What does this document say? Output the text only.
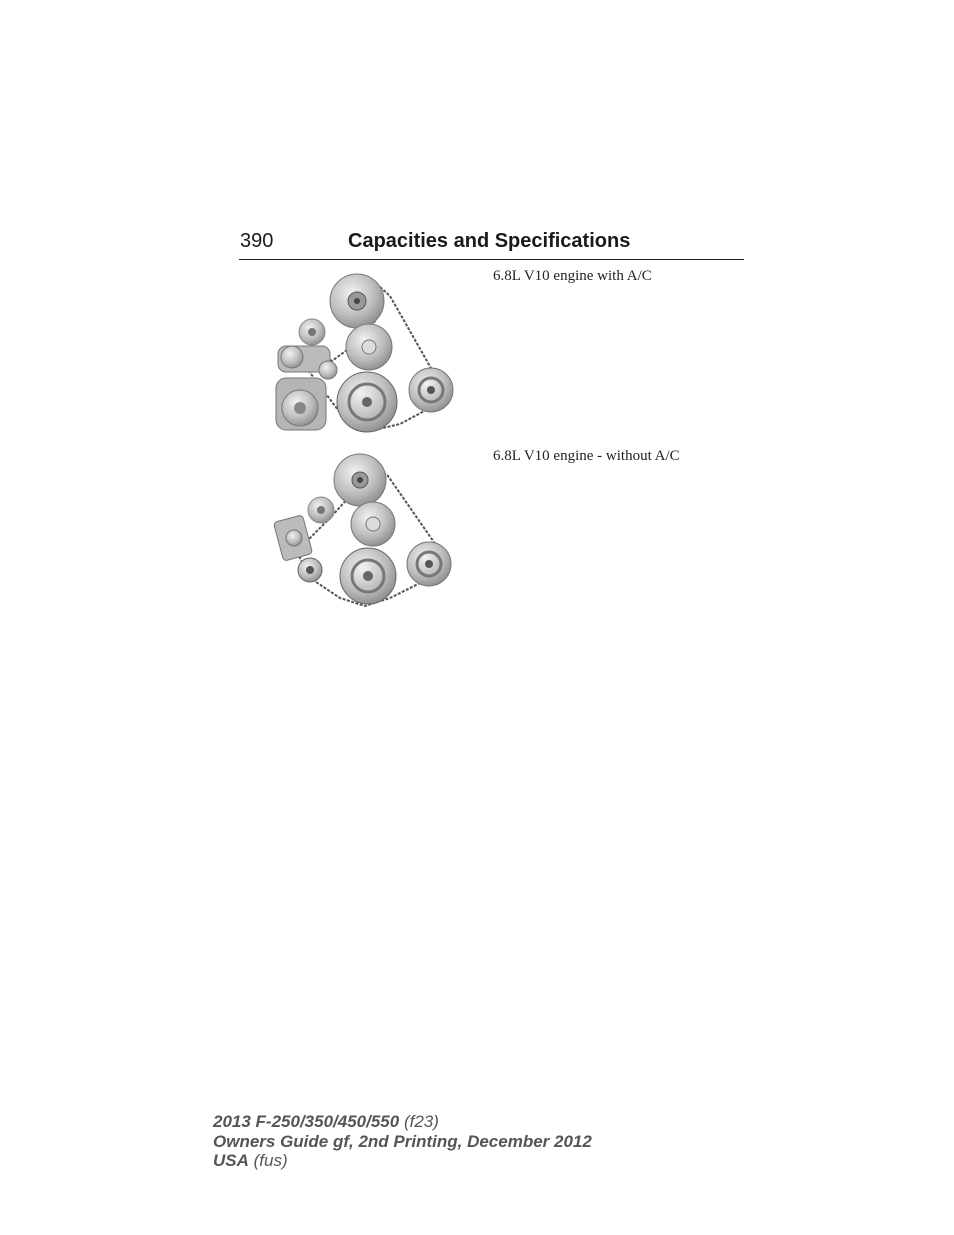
390	Capacities and Specifications
6.8L V10 engine with A/C
6.8L V10 engine - without A/C
2013 F-250/350/450/550 (f23)
Owners Guide gf, 2nd Printing, December 2012
USA (fus)
